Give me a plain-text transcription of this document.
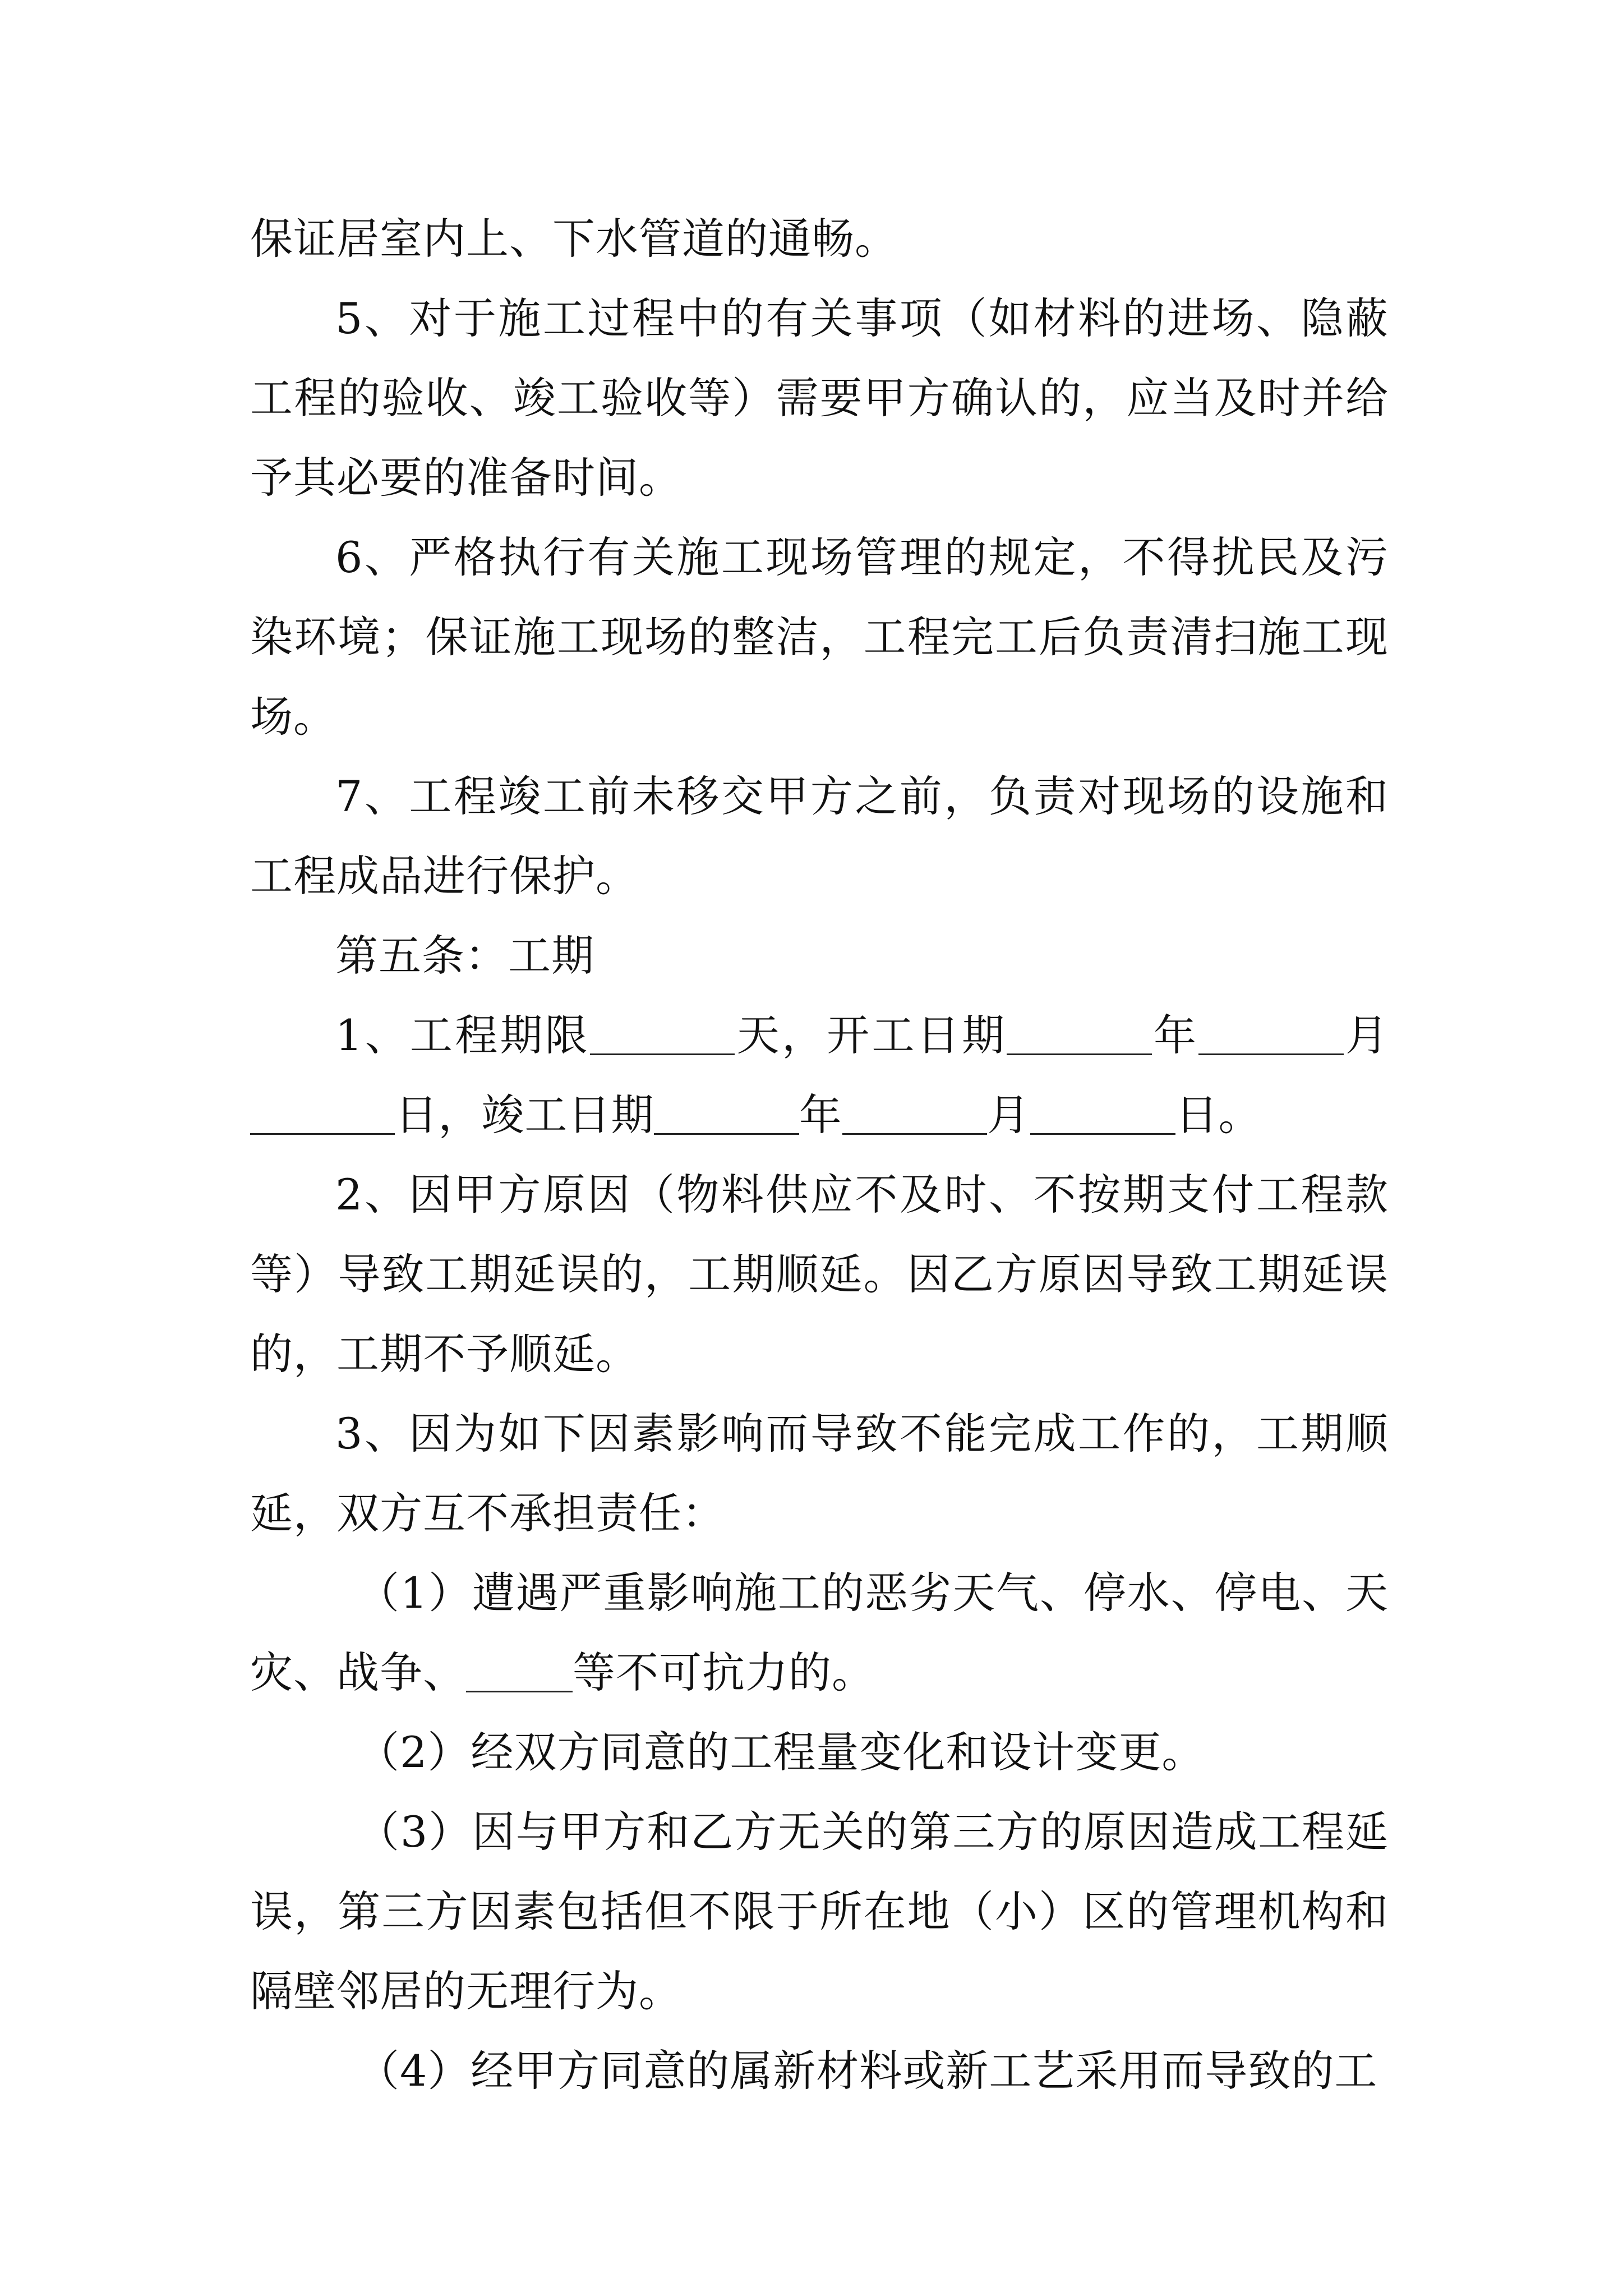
保证居室内上、下水管道的通畅。

5、对于施工过程中的有关事项（如材料的进场、隐蔽工程的验收、竣工验收等）需要甲方确认的，应当及时并给予其必要的准备时间。

6、严格执行有关施工现场管理的规定，不得扰民及污染环境；保证施工现场的整洁，工程完工后负责清扫施工现场。

7、工程竣工前未移交甲方之前，负责对现场的设施和工程成品进行保护。

第五条：工期

1、工程期限	天，开工日期	年	月日，竣工日期	年	月	日。

2、因甲方原因（物料供应不及时、不按期支付工程款等）导致工期延误的，工期顺延。因乙方原因导致工期延误的，工期不予顺延。

3、因为如下因素影响而导致不能完成工作的，工期顺延，双方互不承担责任：

（1）遭遇严重影响施工的恶劣天气、停水、停电、天灾、战争、	等不可抗力的。

（2）经双方同意的工程量变化和设计变更。

（3）因与甲方和乙方无关的第三方的原因造成工程延误，第三方因素包括但不限于所在地（小）区的管理机构和隔壁邻居的无理行为。

（4）经甲方同意的属新材料或新工艺采用而导致的工
